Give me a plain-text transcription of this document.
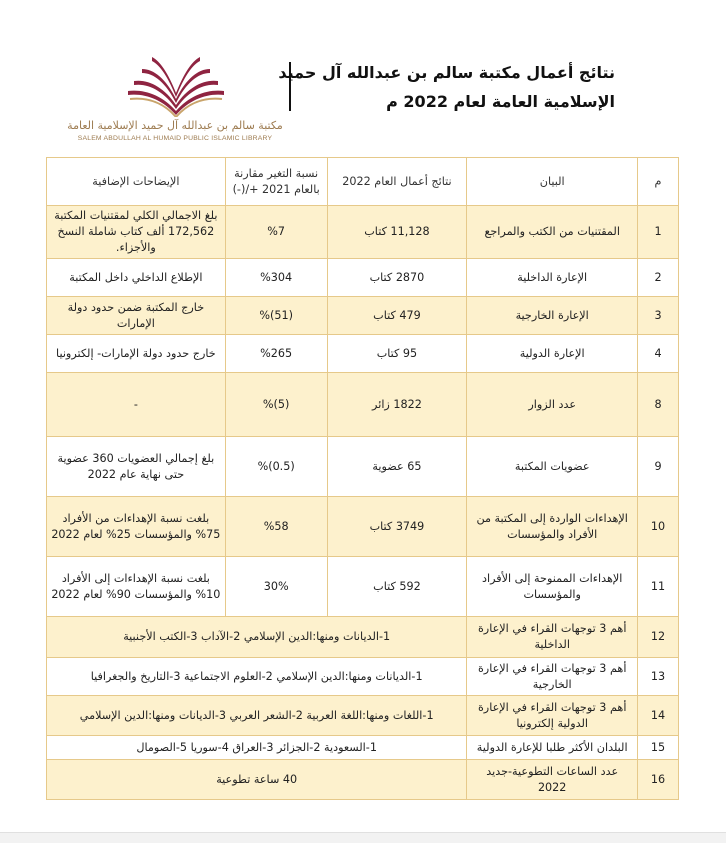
مكتبة سالم بن عبدالله آل حميد الإسلامية العامة
SALEM ABDULLAH AL HUMAID PUBLIC ISLAMIC LIBRARY
نتائج أعمال مكتبة سالم بن عبدالله آل حميد
الإسلامية العامة لعام 2022 م
م	البيان	نتائج أعمال العام 2022	نسبة التغير مقارنة بالعام 2021 +/(-)	الإيضاحات الإضافية
1	المقتنيات من الكتب والمراجع	11,128 كتاب	%7	بلغ الاجمالي الكلي لمقتنيات المكتبة 172,562 ألف كتاب شاملة النسخ والأجزاء.
2	الإعارة الداخلية	2870 كتاب	%304	الإطلاع الداخلي داخل المكتبة
3	الإعارة الخارجية	479 كتاب	(51)%	خارج المكتبة ضمن حدود دولة الإمارات
4	الإعارة الدولية	95 كتاب	%265	خارج حدود دولة الإمارات- إلكترونيا
8	عدد الزوار	1822 زائر	(5)%	-
9	عضويات المكتبة	65 عضوية	(0.5)%	بلغ إجمالي العضويات 360 عضوية حتى نهاية عام 2022
10	الإهداءات الواردة إلى المكتبة من الأفراد والمؤسسات	3749 كتاب	%58	بلغت نسبة الإهداءات من الأفراد 75% والمؤسسات 25% لعام 2022
11	الإهداءات الممنوحة إلى الأفراد والمؤسسات	592 كتاب	30%	بلغت نسبة الإهداءات إلى الأفراد 10% والمؤسسات 90% لعام 2022
12	أهم 3 توجهات القراء في الإعارة الداخلية	1-الديانات ومنها:الدين الإسلامي 2-الآداب 3-الكتب الأجنبية		
13	أهم 3 توجهات القراء في الإعارة الخارجية	1-الديانات ومنها:الدين الإسلامي 2-العلوم الاجتماعية 3-التاريخ والجغرافيا		
14	أهم 3 توجهات القراء في الإعارة الدولية إلكترونيا	1-اللغات ومنها:اللغة العربية 2-الشعر العربي 3-الديانات ومنها:الدين الإسلامي		
15	البلدان الأكثر طلبا للإعارة الدولية	1-السعودية 2-الجزائر 3-العراق 4-سوريا 5-الصومال		
16	عدد الساعات التطوعية-جديد 2022	40 ساعة تطوعية		
